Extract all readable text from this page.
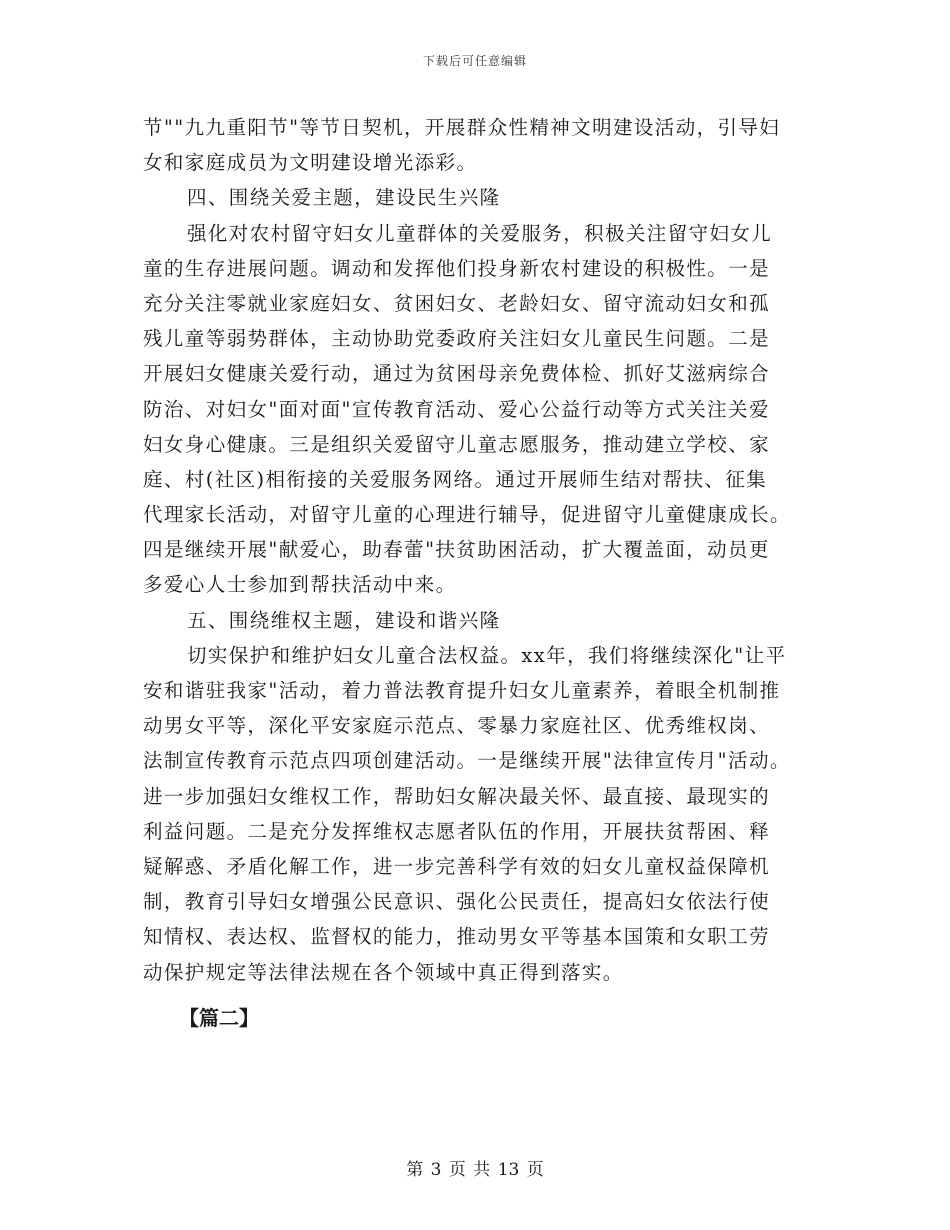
下载后可任意编辑
节""九九重阳节"等节日契机，开展群众性精神文明建设活动，引导妇
女和家庭成员为文明建设增光添彩。
四、围绕关爱主题，建设民生兴隆
强化对农村留守妇女儿童群体的关爱服务，积极关注留守妇女儿
童的生存进展问题。调动和发挥他们投身新农村建设的积极性。一是
充分关注零就业家庭妇女、贫困妇女、老龄妇女、留守流动妇女和孤
残儿童等弱势群体，主动协助党委政府关注妇女儿童民生问题。二是
开展妇女健康关爱行动，通过为贫困母亲免费体检、抓好艾滋病综合
防治、对妇女"面对面"宣传教育活动、爱心公益行动等方式关注关爱
妇女身心健康。三是组织关爱留守儿童志愿服务，推动建立学校、家
庭、村(社区)相衔接的关爱服务网络。通过开展师生结对帮扶、征集
代理家长活动，对留守儿童的心理进行辅导，促进留守儿童健康成长。
四是继续开展"献爱心，助春蕾"扶贫助困活动，扩大覆盖面，动员更
多爱心人士参加到帮扶活动中来。
五、围绕维权主题，建设和谐兴隆
切实保护和维护妇女儿童合法权益。xx年，我们将继续深化"让平
安和谐驻我家"活动，着力普法教育提升妇女儿童素养，着眼全机制推
动男女平等，深化平安家庭示范点、零暴力家庭社区、优秀维权岗、
法制宣传教育示范点四项创建活动。一是继续开展"法律宣传月"活动。
进一步加强妇女维权工作，帮助妇女解决最关怀、最直接、最现实的
利益问题。二是充分发挥维权志愿者队伍的作用，开展扶贫帮困、释
疑解惑、矛盾化解工作，进一步完善科学有效的妇女儿童权益保障机
制，教育引导妇女增强公民意识、强化公民责任，提高妇女依法行使
知情权、表达权、监督权的能力，推动男女平等基本国策和女职工劳
动保护规定等法律法规在各个领域中真正得到落实。
【篇二】
第 3 页 共 13 页
